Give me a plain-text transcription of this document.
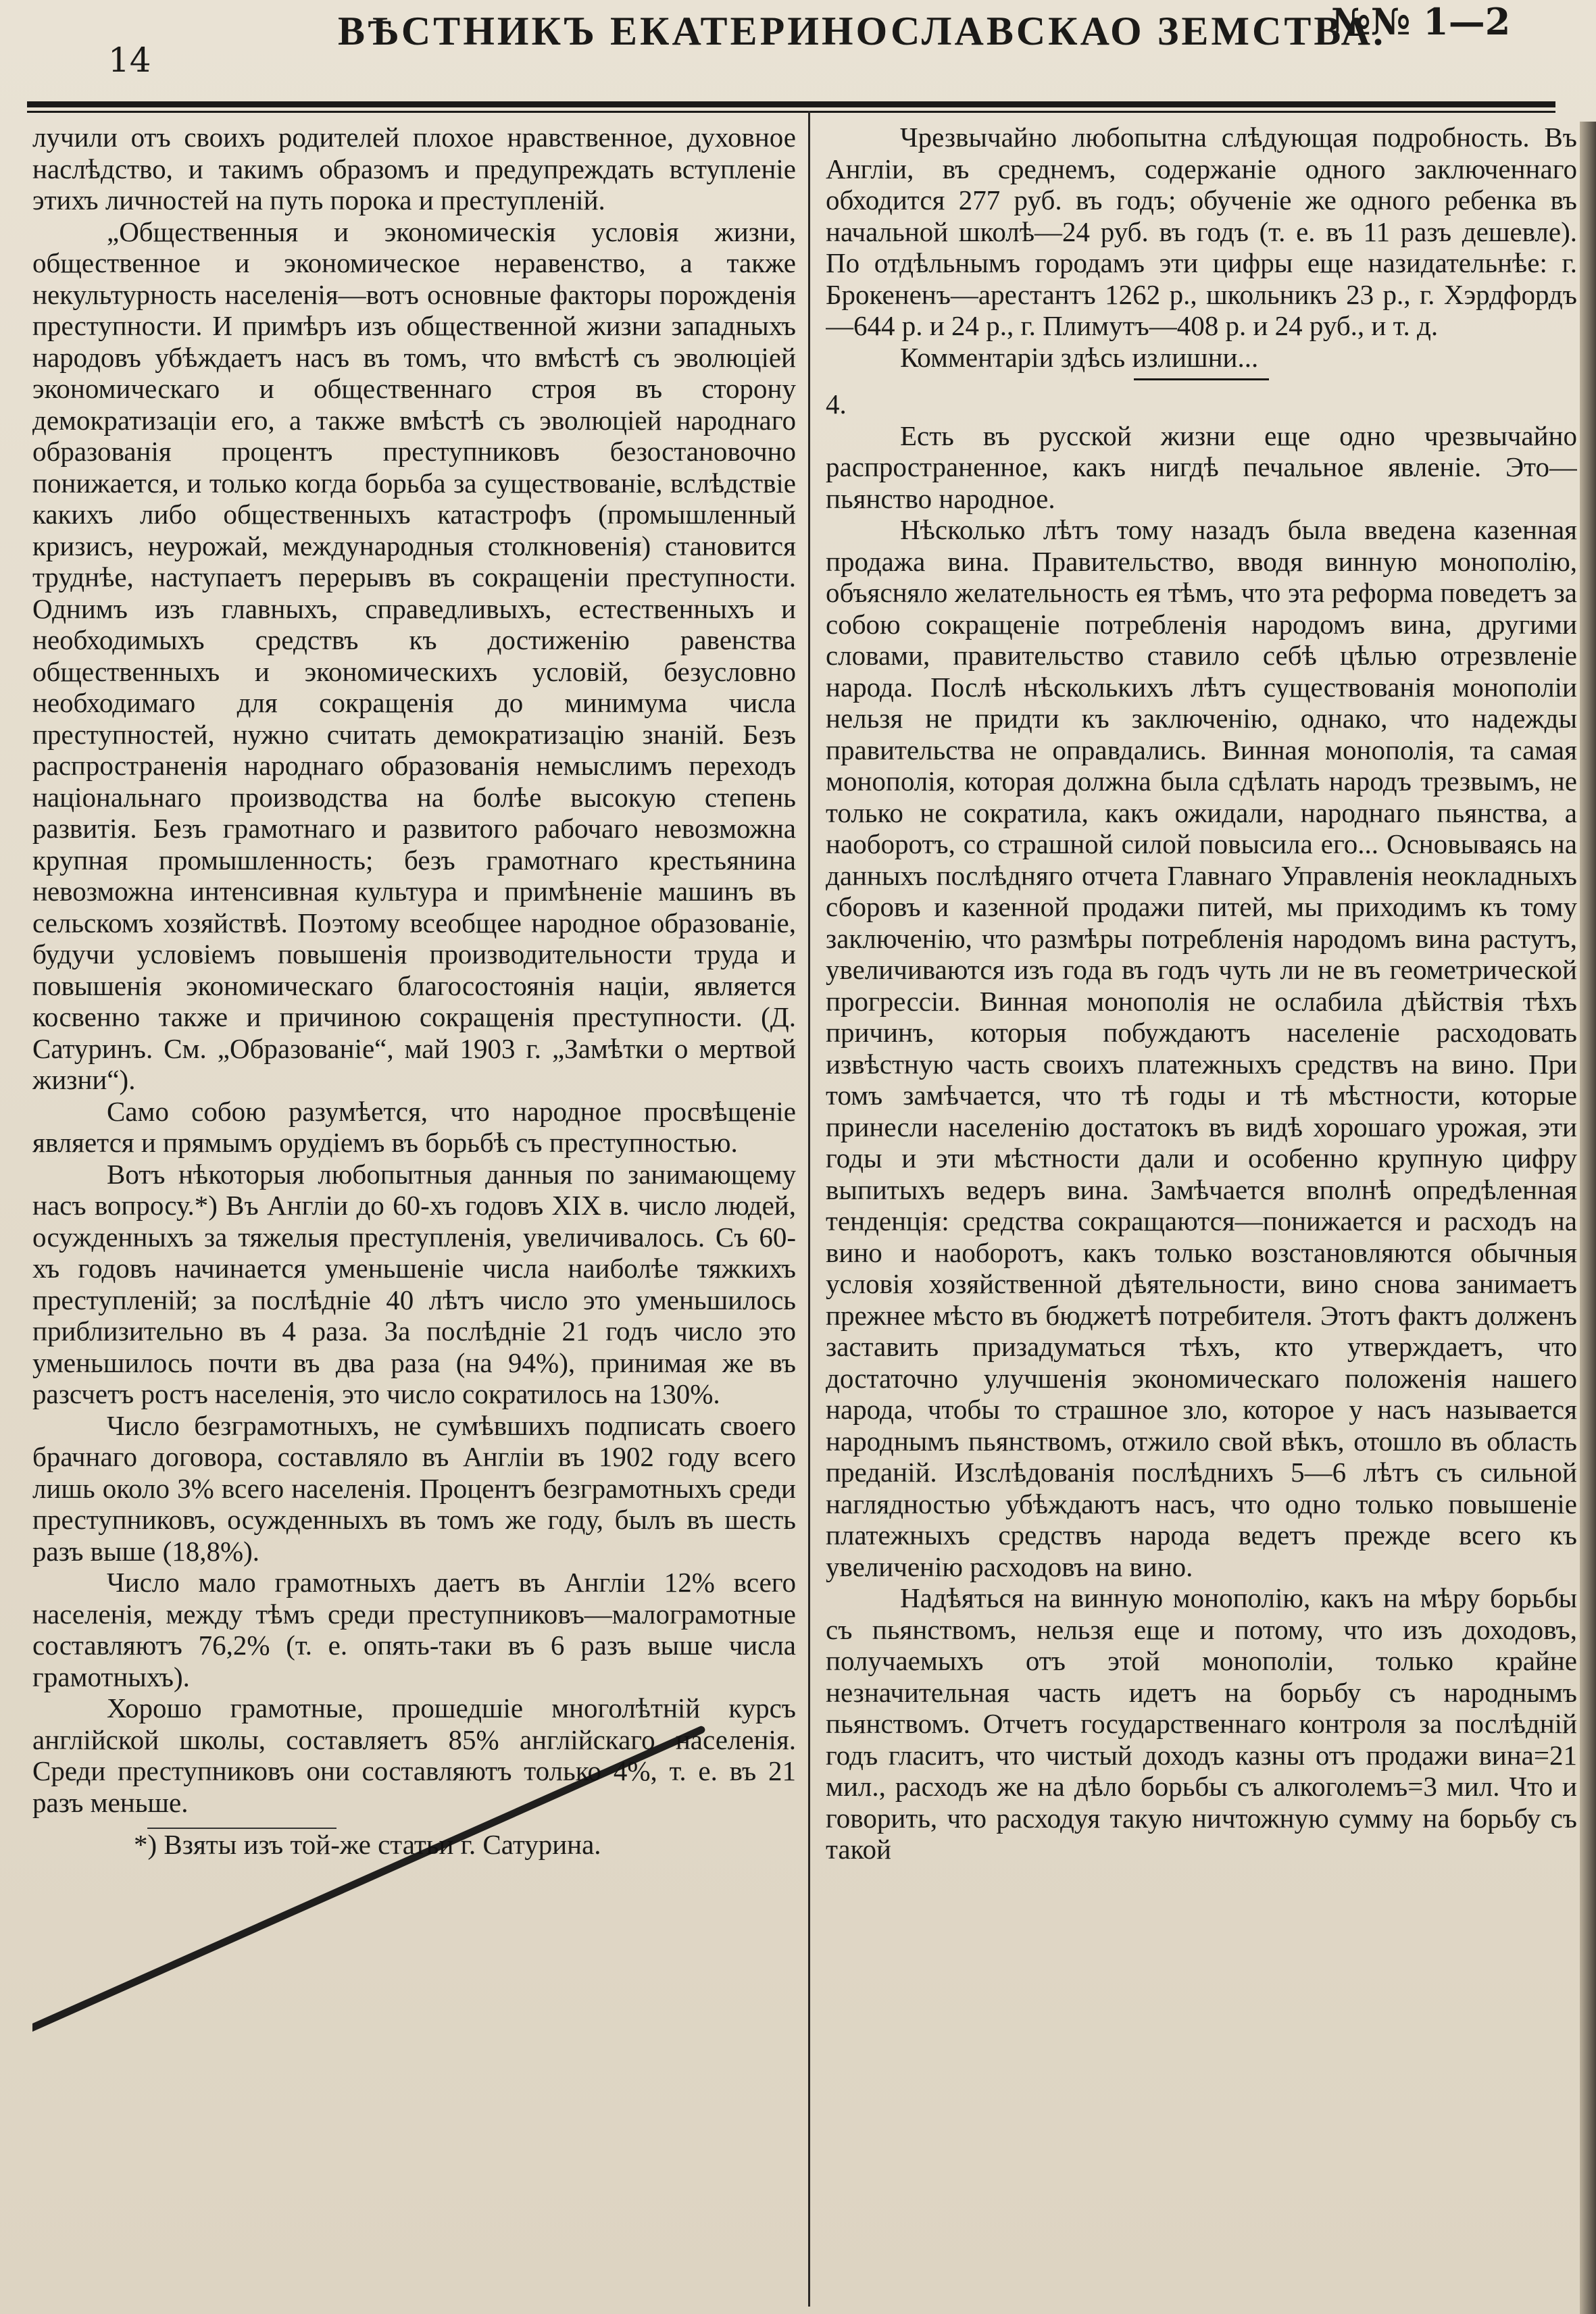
14
ВѢСТНИКЪ ЕКАТЕРИНОСЛАВСКАО ЗЕМСТВА.
№№ 1—2

лучили отъ своихъ родителей плохое нравственное, духовное наслѣдство, и такимъ образомъ и предупреждать вступленіе этихъ личностей на путь порока и преступленій.

„Общественныя и экономическія условія жизни, общественное и экономическое неравенство, а также некультурность населенія—вотъ основные факторы порожденія преступности. И примѣръ изъ общественной жизни западныхъ народовъ убѣждаетъ насъ въ томъ, что вмѣстѣ съ эволюціей экономическаго и общественнаго строя въ сторону демократизаціи его, а также вмѣстѣ съ эволюціей народнаго образованія процентъ преступниковъ безостановочно понижается, и только когда борьба за существованіе, вслѣдствіе какихъ либо общественныхъ катастрофъ (промышленный кризисъ, неурожай, международныя столкновенія) становится труднѣе, наступаетъ перерывъ въ сокращеніи преступности. Однимъ изъ главныхъ, справедливыхъ, естественныхъ и необходимыхъ средствъ къ достиженію равенства общественныхъ и экономическихъ условій, безусловно необходимаго для сокращенія до минимума числа преступностей, нужно считать демократизацію знаній. Безъ распространенія народнаго образованія немыслимъ переходъ національнаго производства на болѣе высокую степень развитія. Безъ грамотнаго и развитого рабочаго невозможна крупная промышленность; безъ грамотнаго крестьянина невозможна интенсивная культура и примѣненіе машинъ въ сельскомъ хозяйствѣ. Поэтому всеобщее народное образованіе, будучи условіемъ повышенія производительности труда и повышенія экономическаго благосостоянія націи, является косвенно также и причиною сокращенія преступности. (Д. Сатуринъ. См. „Образованіе“, май 1903 г. „Замѣтки о мертвой жизни“).

Само собою разумѣется, что народное просвѣщеніе является и прямымъ орудіемъ въ борьбѣ съ преступностью.

Вотъ нѣкоторыя любопытныя данныя по занимающему насъ вопросу.*) Въ Англіи до 60-хъ годовъ XIX в. число людей, осужденныхъ за тяжелыя преступленія, увеличивалось. Съ 60-хъ годовъ начинается уменьшеніе числа наиболѣе тяжкихъ преступленій; за послѣдніе 40 лѣтъ число это уменьшилось приблизительно въ 4 раза. За послѣдніе 21 годъ число это уменьшилось почти въ два раза (на 94%), принимая же въ разсчетъ ростъ населенія, это число сократилось на 130%.

Число безграмотныхъ, не сумѣвшихъ подписать своего брачнаго договора, составляло въ Англіи въ 1902 году всего лишь около 3% всего населенія. Процентъ безграмотныхъ среди преступниковъ, осужденныхъ въ томъ же году, былъ въ шесть разъ выше (18,8%).

Число мало грамотныхъ даетъ въ Англіи 12% всего населенія, между тѣмъ среди преступниковъ—малограмотные составляютъ 76,2% (т. е. опять-таки въ 6 разъ выше числа грамотныхъ).

Хорошо грамотные, прошедшіе многолѣтній курсъ англійской школы, составляетъ 85% англійскаго населенія. Среди преступниковъ они составляютъ только 4%, т. е. въ 21 разъ меньше.

*) Взяты изъ той-же статьи г. Сатурина.

Чрезвычайно любопытна слѣдующая подробность. Въ Англіи, въ среднемъ, содержаніе одного заключеннаго обходится 277 руб. въ годъ; обученіе же одного ребенка въ начальной школѣ—24 руб. въ годъ (т. е. въ 11 разъ дешевле). По отдѣльнымъ городамъ эти цифры еще назидательнѣе: г. Брокененъ—арестантъ 1262 р., школьникъ 23 р., г. Хэрдфордъ—644 р. и 24 р., г. Плимутъ—408 р. и 24 руб., и т. д.

Комментаріи здѣсь излишни...

4.

Есть въ русской жизни еще одно чрезвычайно распространенное, какъ нигдѣ печальное явленіе. Это—пьянство народное.

Нѣсколько лѣтъ тому назадъ была введена казенная продажа вина. Правительство, вводя винную монополію, объясняло желательность ея тѣмъ, что эта реформа поведетъ за собою сокращеніе потребленія народомъ вина, другими словами, правительство ставило себѣ цѣлью отрезвленіе народа. Послѣ нѣсколькихъ лѣтъ существованія монополіи нельзя не придти къ заключенію, однако, что надежды правительства не оправдались. Винная монополія, та самая монополія, которая должна была сдѣлать народъ трезвымъ, не только не сократила, какъ ожидали, народнаго пьянства, а наоборотъ, со страшной силой повысила его... Основываясь на данныхъ послѣдняго отчета Главнаго Управленія неокладныхъ сборовъ и казенной продажи питей, мы приходимъ къ тому заключенію, что размѣры потребленія народомъ вина растутъ, увеличиваются изъ года въ годъ чуть ли не въ геометрической прогрессіи. Винная монополія не ослабила дѣйствія тѣхъ причинъ, которыя побуждаютъ населеніе расходовать извѣстную часть своихъ платежныхъ средствъ на вино. При томъ замѣчается, что тѣ годы и тѣ мѣстности, которые принесли населенію достатокъ въ видѣ хорошаго урожая, эти годы и эти мѣстности дали и особенно крупную цифру выпитыхъ ведеръ вина. Замѣчается вполнѣ опредѣленная тенденція: средства сокращаются—понижается и расходъ на вино и наоборотъ, какъ только возстановляются обычныя условія хозяйственной дѣятельности, вино снова занимаетъ прежнее мѣсто въ бюджетѣ потребителя. Этотъ фактъ долженъ заставить призадуматься тѣхъ, кто утверждаетъ, что достаточно улучшенія экономическаго положенія нашего народа, чтобы то страшное зло, которое у насъ называется народнымъ пьянствомъ, отжило свой вѣкъ, отошло въ область преданій. Изслѣдованія послѣднихъ 5—6 лѣтъ съ сильной наглядностью убѣждаютъ насъ, что одно только повышеніе платежныхъ средствъ народа ведетъ прежде всего къ увеличенію расходовъ на вино.

Надѣяться на винную монополію, какъ на мѣру борьбы съ пьянствомъ, нельзя еще и потому, что изъ доходовъ, получаемыхъ отъ этой монополіи, только крайне незначительная часть идетъ на борьбу съ народнымъ пьянствомъ. Отчетъ государственнаго контроля за послѣдній годъ гласитъ, что чистый доходъ казны отъ продажи вина=21 мил., расходъ же на дѣло борьбы съ алкоголемъ=3 мил. Что и говорить, что расходуя такую ничтожную сумму на борьбу съ такой
